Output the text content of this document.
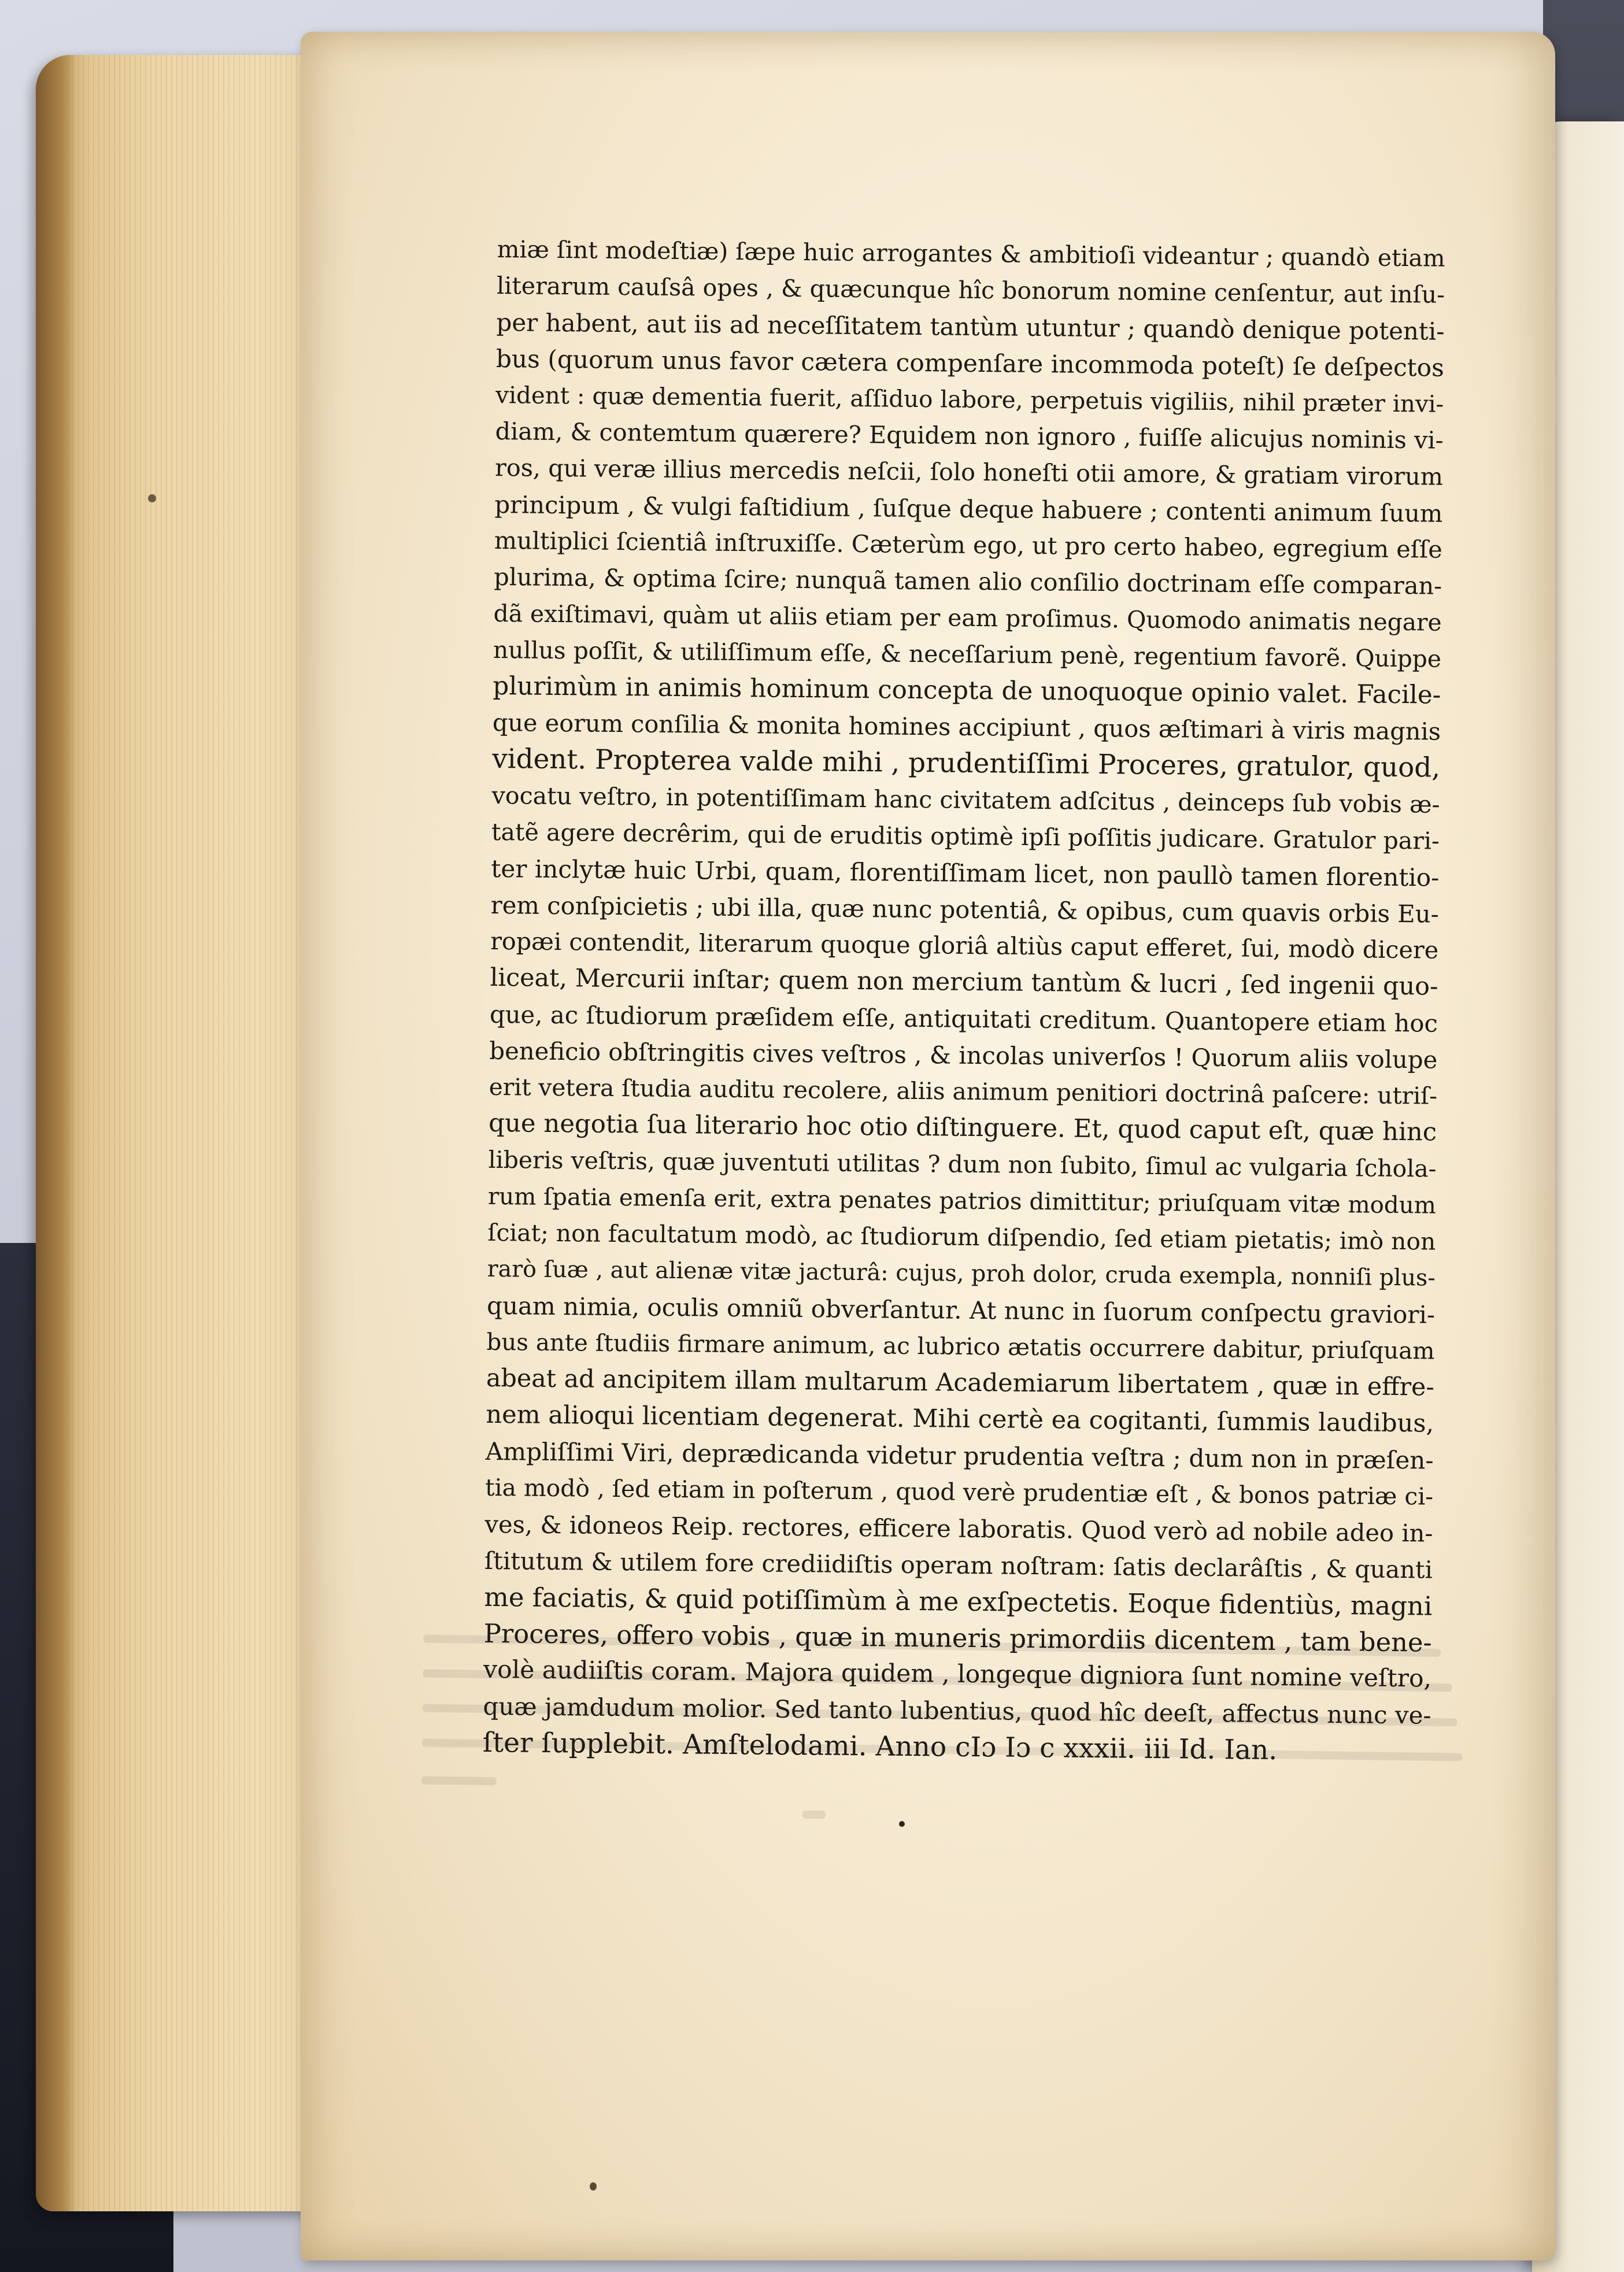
miæ ſint modeſtiæ) ſæpe huic arrogantes & ambitioſi videantur ; quandò etiam
literarum cauſsâ opes , & quæcunque hîc bonorum nomine cenſentur, aut inſu-
per habent, aut iis ad neceſſitatem tantùm utuntur ; quandò denique potenti-
bus (quorum unus favor cætera compenſare incommoda poteſt) ſe deſpectos
vident : quæ dementia fuerit, aſſiduo labore, perpetuis vigiliis, nihil præter invi-
diam, & contemtum quærere? Equidem non ignoro , fuiſſe alicujus nominis vi-
ros, qui veræ illius mercedis neſcii, ſolo honeſti otii amore, & gratiam virorum
principum , & vulgi faſtidium , ſuſque deque habuere ; contenti animum ſuum
multiplici ſcientiâ inſtruxiſſe. Cæterùm ego, ut pro certo habeo, egregium eſſe
plurima, & optima ſcire; nunquã tamen alio conſilio doctrinam eſſe comparan-
dã exiſtimavi, quàm ut aliis etiam per eam proſimus. Quomodo animatis negare
nullus poſſit, & utiliſſimum eſſe, & neceſſarium penè, regentium favorẽ. Quippe
plurimùm in animis hominum concepta de unoquoque opinio valet. Facile-
que eorum conſilia & monita homines accipiunt , quos æſtimari à viris magnis
vident. Propterea valde mihi , prudentiſſimi Proceres, gratulor, quod,
vocatu veſtro, in potentiſſimam hanc civitatem adſcitus , deinceps ſub vobis æ-
tatẽ agere decrêrim, qui de eruditis optimè ipſi poſſitis judicare. Gratulor pari-
ter inclytæ huic Urbi, quam, florentiſſimam licet, non paullò tamen florentio-
rem conſpicietis ; ubi illa, quæ nunc potentiâ, & opibus, cum quavis orbis Eu-
ropæi contendit, literarum quoque gloriâ altiùs caput efferet, ſui, modò dicere
liceat, Mercurii inſtar; quem non mercium tantùm & lucri , ſed ingenii quo-
que, ac ſtudiorum præſidem eſſe, antiquitati creditum. Quantopere etiam hoc
beneficio obſtringitis cives veſtros , & incolas univerſos ! Quorum aliis volupe
erit vetera ſtudia auditu recolere, aliis animum penitiori doctrinâ paſcere: utriſ-
que negotia ſua literario hoc otio diſtinguere. Et, quod caput eſt, quæ hinc
liberis veſtris, quæ juventuti utilitas ? dum non ſubito, ſimul ac vulgaria ſchola-
rum ſpatia emenſa erit, extra penates patrios dimittitur; priuſquam vitæ modum
ſciat; non facultatum modò, ac ſtudiorum diſpendio, ſed etiam pietatis; imò non
rarò ſuæ , aut alienæ vitæ jacturâ: cujus, proh dolor, cruda exempla, nonniſi plus-
quam nimia, oculis omniũ obverſantur. At nunc in ſuorum conſpectu graviori-
bus ante ſtudiis firmare animum, ac lubrico ætatis occurrere dabitur, priuſquam
abeat ad ancipitem illam multarum Academiarum libertatem , quæ in effre-
nem alioqui licentiam degenerat. Mihi certè ea cogitanti, ſummis laudibus,
Ampliſſimi Viri, deprædicanda videtur prudentia veſtra ; dum non in præſen-
tia modò , ſed etiam in poſterum , quod verè prudentiæ eſt , & bonos patriæ ci-
ves, & idoneos Reip. rectores, efficere laboratis. Quod verò ad nobile adeo in-
ſtitutum & utilem fore crediidiſtis operam noſtram: ſatis declarâſtis , & quanti
me faciatis, & quid potiſſimùm à me exſpectetis. Eoque fidentiùs, magni
Proceres, offero vobis , quæ in muneris primordiis dicentem , tam bene-
volè audiiſtis coram. Majora quidem , longeque digniora ſunt nomine veſtro,
quæ jamdudum molior. Sed tanto lubentius, quod hîc deeſt, affectus nunc ve-
ſter ſupplebit. Amſtelodami. Anno cIɔ Iɔ c xxxii. iii Id. Ian.
